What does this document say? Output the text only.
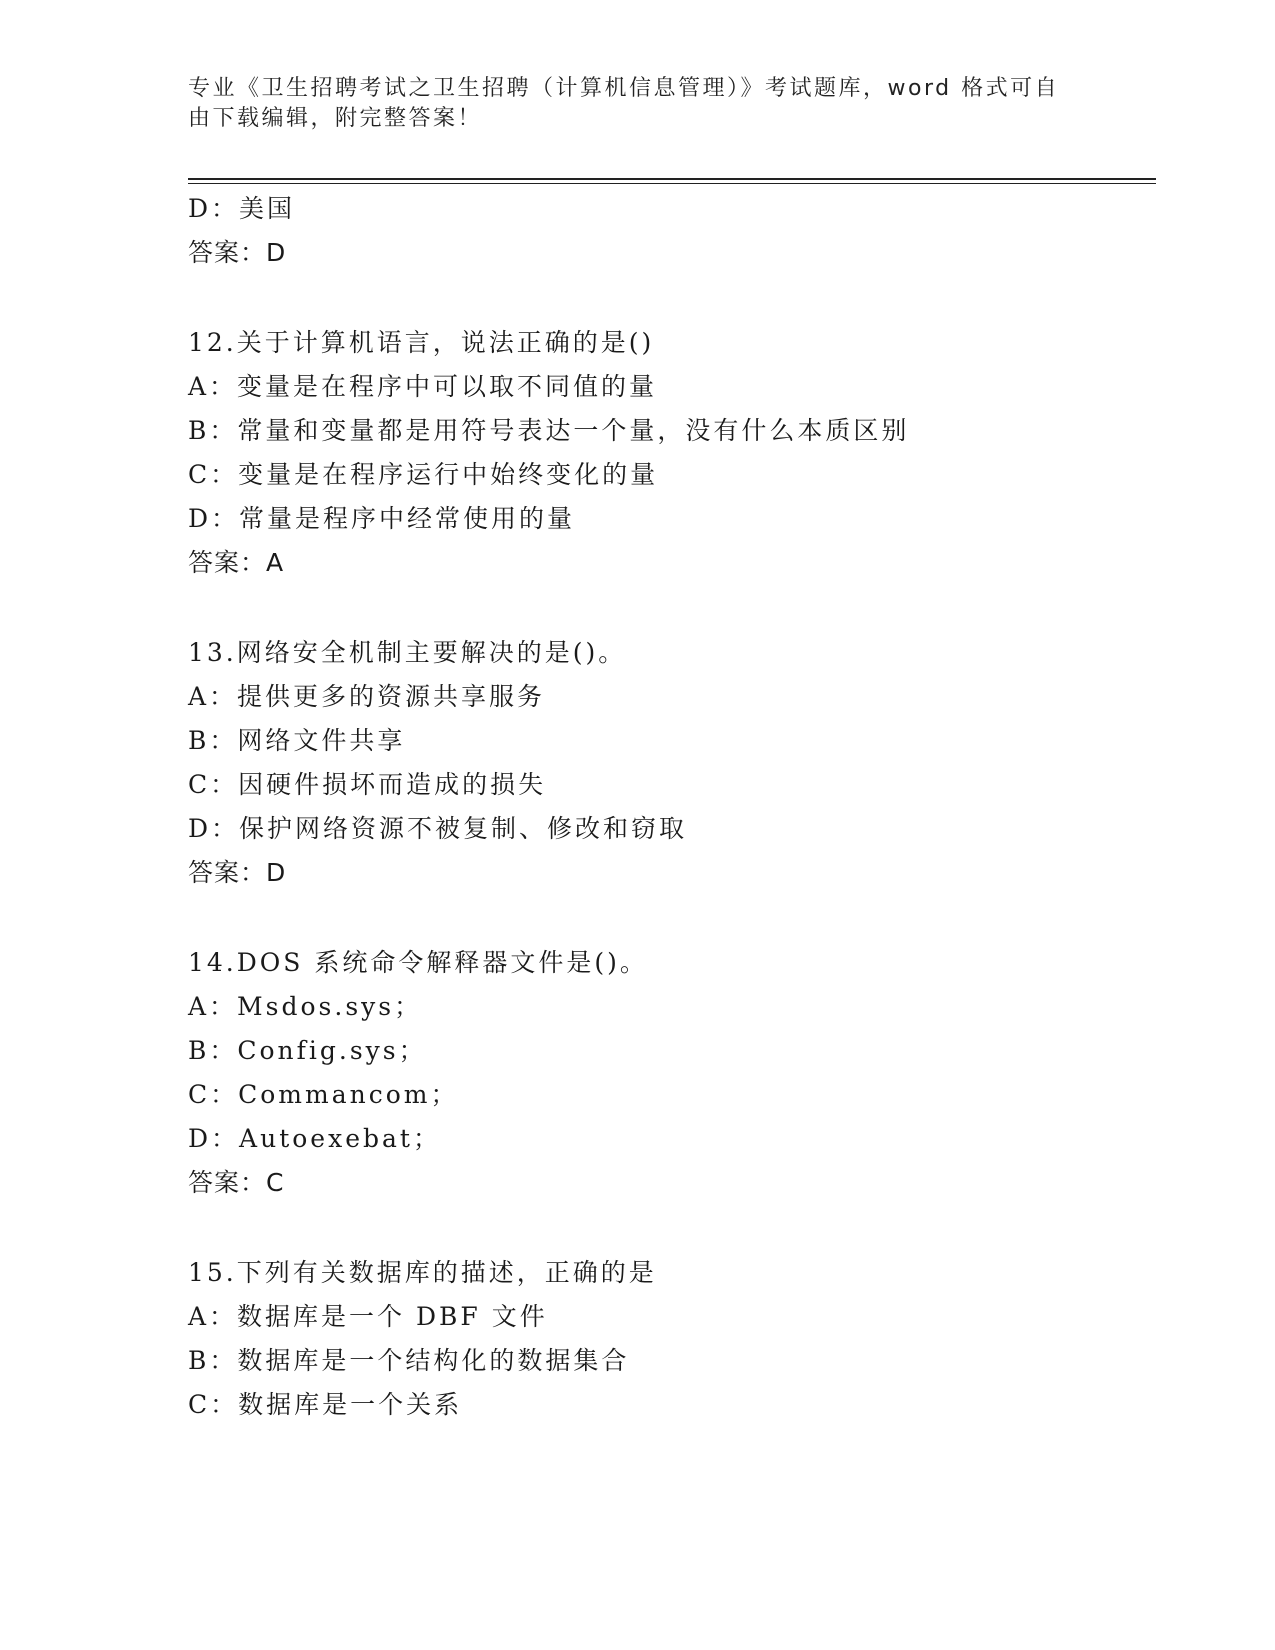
专业《卫生招聘考试之卫生招聘（计算机信息管理）》考试题库，word 格式可自
由下载编辑，附完整答案！
D：美国
答案：D
12.关于计算机语言，说法正确的是()
A：变量是在程序中可以取不同值的量
B：常量和变量都是用符号表达一个量，没有什么本质区别
C：变量是在程序运行中始终变化的量
D：常量是程序中经常使用的量
答案：A
13.网络安全机制主要解决的是()。
A：提供更多的资源共享服务
B：网络文件共享
C：因硬件损坏而造成的损失
D：保护网络资源不被复制、修改和窃取
答案：D
14.DOS 系统命令解释器文件是()。
A：Msdos.sys；
B：Config.sys；
C：Commancom；
D：Autoexebat；
答案：C
15.下列有关数据库的描述，正确的是
A：数据库是一个 DBF 文件
B：数据库是一个结构化的数据集合
C：数据库是一个关系
